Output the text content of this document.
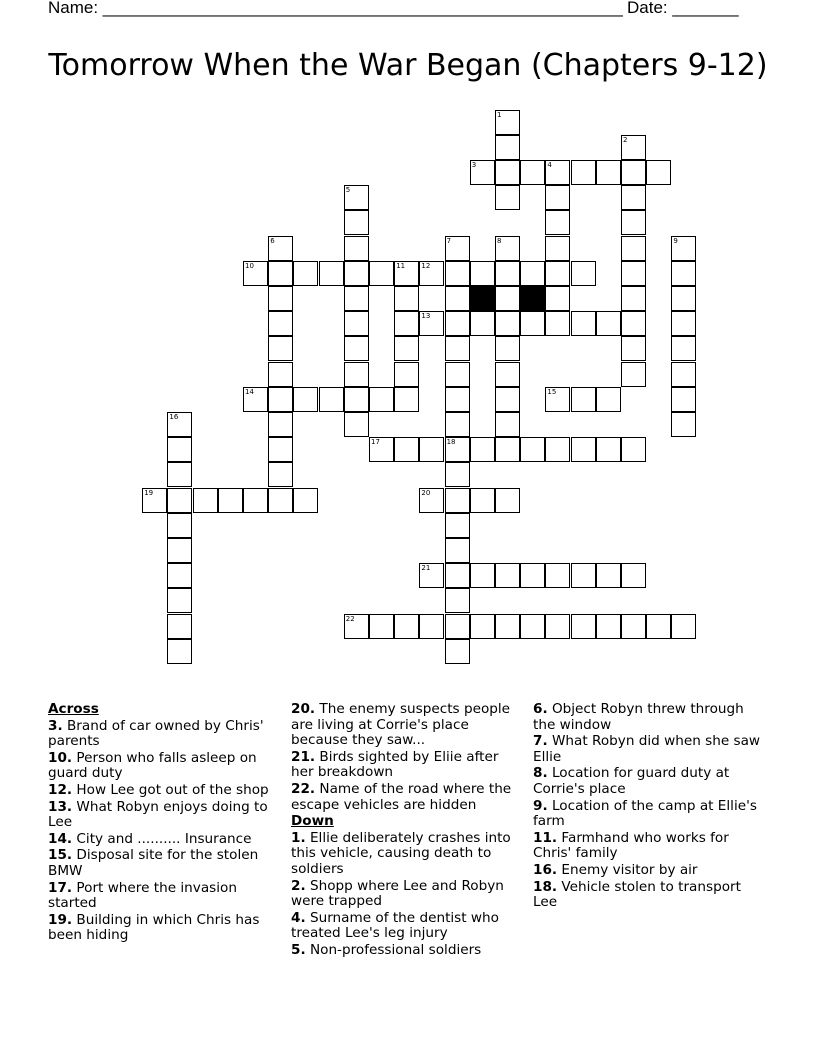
Name: _______________________________________________________ Date: _______
Tomorrow When the War Began (Chapters 9-12)
1
2
3	4
5
6	7	8	9
10	11 12
13
14	15
16
17	18
19	20
21
22

Across

3. Brand of car owned by Chris' parents

10. Person who falls asleep on guard duty

12. How Lee got out of the shop

13. What Robyn enjoys doing to Lee

14. City and .......... Insurance

15. Disposal site for the stolen BMW

17. Port where the invasion started

19. Building in which Chris has been hiding

20. The enemy suspects people are living at Corrie's place because they saw...

21. Birds sighted by Eliie after her breakdown

22. Name of the road where the escape vehicles are hidden

Down

1. Ellie deliberately crashes into this vehicle, causing death to soldiers

2. Shopp where Lee and Robyn were trapped

4. Surname of the dentist who treated Lee's leg injury

5. Non-professional soldiers

6. Object Robyn threw through the window

7. What Robyn did when she saw Ellie

8. Location for guard duty at Corrie's place

9. Location of the camp at Ellie's farm

11. Farmhand who works for Chris' family

16. Enemy visitor by air

18. Vehicle stolen to transport Lee
